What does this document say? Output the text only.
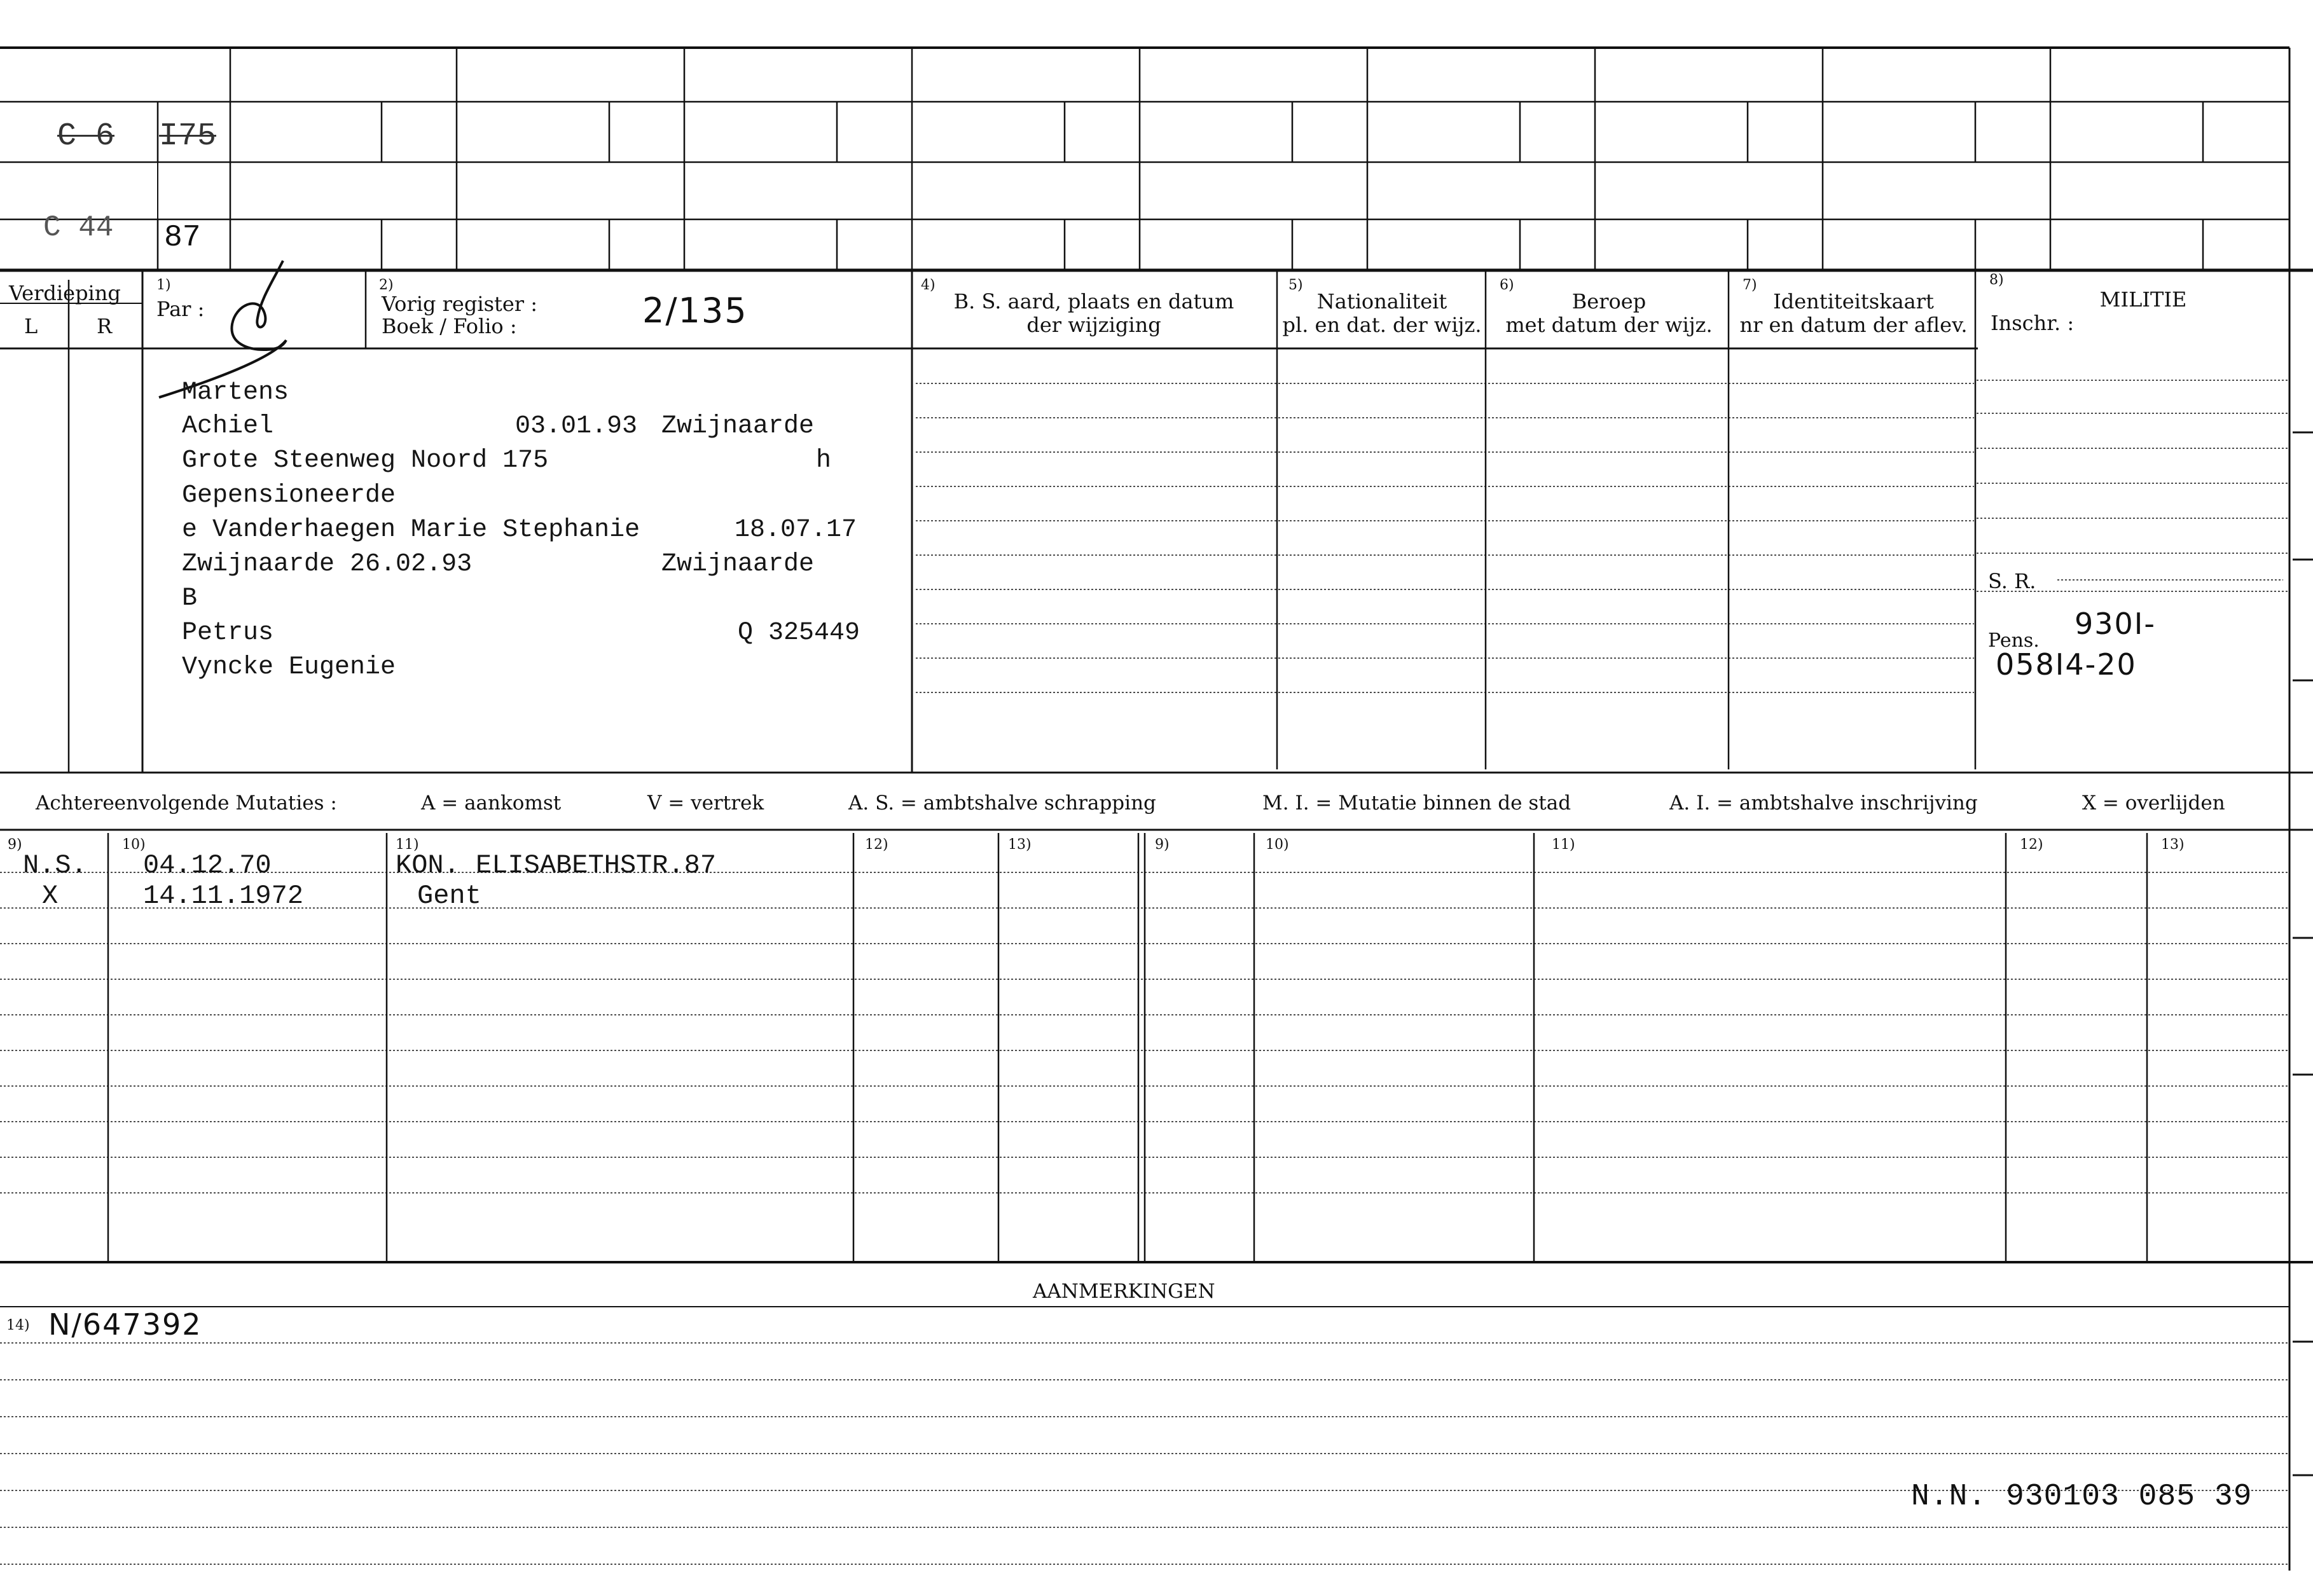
C 6 I75
C 44 87
Verdieping
L	R
1)
Par :
2)
Vorig register :
Boek / Folio :	2/135
4)
B. S. aard, plaats en datum
der wijziging
5)
Nationaliteit
pl. en dat. der wijz.
6)
Beroep
met datum der wijz.
7)
Identiteitskaart
nr en datum der aflev.
8)
MILITIE
Inschr. :
S. R.
Pens. 930I-
058I4-20
Martens
Achiel	03.01.93 Zwijnaarde
Grote Steenweg Noord 175	h
Gepensioneerde
e Vanderhaegen Marie Stephanie	18.07.17
Zwijnaarde 26.02.93	Zwijnaarde
B
Petrus	Q 325449
Vyncke Eugenie
Achtereenvolgende Mutaties :	A = aankomst	V = vertrek	A. S. = ambtshalve schrapping	M. I. = Mutatie binnen de stad	A. I. = ambtshalve inschrijving	X = overlijden
9)	10)	11)	12)	13)	9)	10)	11)	12)	13)
N.S. 04.12.70	KON. ELISABETHSTR.87
X	14.11.1972	Gent
AANMERKINGEN
14) N/647392
N.N. 930103 085 39
